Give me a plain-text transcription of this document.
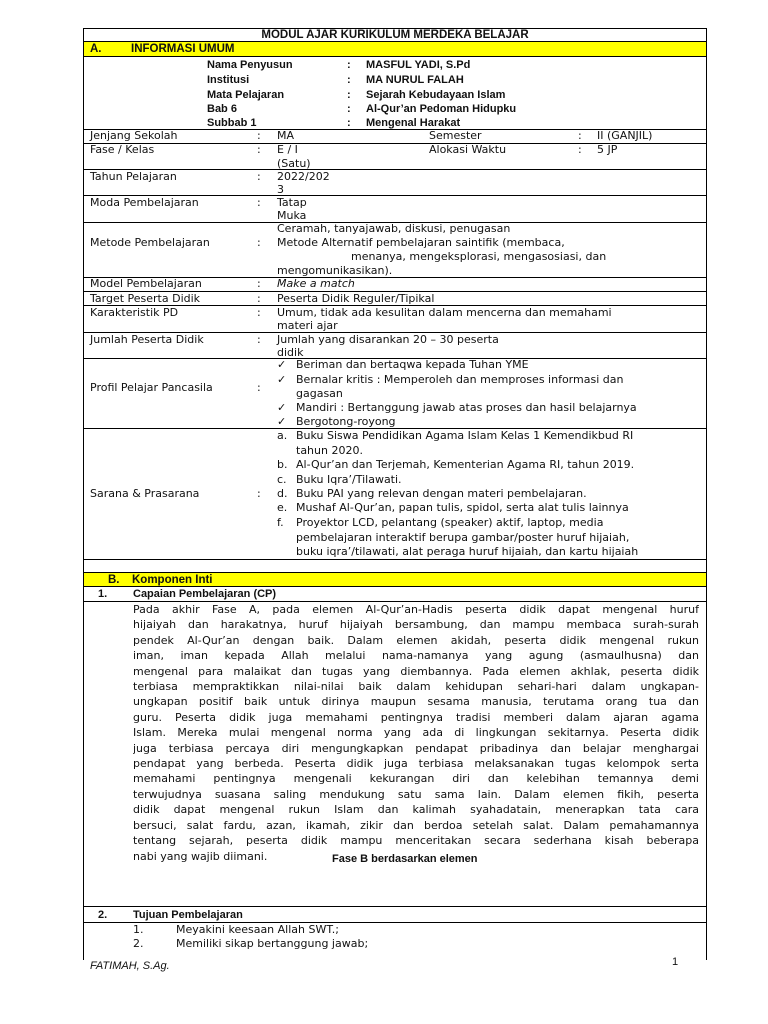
MODUL AJAR KURIKULUM MERDEKA BELAJAR
A.	INFORMASI UMUM
Nama Penyusun	: MASFUL YADI, S.Pd
Institusi	: MA NURUL FALAH
Mata Pelajaran	: Sejarah Kebudayaan Islam
Bab 6	: Al-Qur’an Pedoman Hidupku
Subbab 1	: Mengenal Harakat
Jenjang Sekolah	: MA	Semester	: II (GANJIL)
Fase / Kelas	: E / I
(Satu)
Alokasi Waktu	: 5 JP
Tahun Pelajaran	: 2022/202
3
Moda Pembelajaran	: Tatap
Muka
Metode Pembelajaran	:
Ceramah, tanyajawab, diskusi, penugasan
Metode Alternatif pembelajaran saintifik (membaca,
menanya, mengeksplorasi, mengasosiasi, dan
mengomunikasikan).
Model Pembelajaran	: Make a match
Target Peserta Didik	: Peserta Didik Reguler/Tipikal
Karakteristik PD	: Umum, tidak ada kesulitan dalam mencerna dan memahami
materi ajar
Jumlah Peserta Didik	: Jumlah yang disarankan 20 – 30 peserta
didik
Profil Pelajar Pancasila	:
✓ Beriman dan bertaqwa kepada Tuhan YME
✓ Bernalar kritis : Memperoleh dan memproses informasi dan
gagasan
✓ Mandiri : Bertanggung jawab atas proses dan hasil belajarnya
✓ Bergotong-royong
Sarana & Prasarana	:
a. Buku Siswa Pendidikan Agama Islam Kelas 1 Kemendikbud RI
tahun 2020.
b. Al-Qur’an dan Terjemah, Kementerian Agama RI, tahun 2019.
c. Buku Iqra’/Tilawati.
d. Buku PAI yang relevan dengan materi pembelajaran.
e. Mushaf Al-Qur’an, papan tulis, spidol, serta alat tulis lainnya
f. Proyektor LCD, pelantang (speaker) aktif, laptop, media
pembelajaran interaktif berupa gambar/poster huruf hijaiah,
buku iqra’/tilawati, alat peraga huruf hijaiah, dan kartu hijaiah
B. Komponen Inti
1. Capaian Pembelajaran (CP)
Pada akhir Fase A, pada elemen Al-Qur’an-Hadis peserta didik dapat mengenal huruf
hijaiyah dan harakatnya, huruf hijaiyah bersambung, dan mampu membaca surah-surah
pendek Al-Qur’an dengan baik. Dalam elemen akidah, peserta didik mengenal rukun
iman, iman kepada Allah melalui nama-namanya yang agung (asmaulhusna) dan
mengenal para malaikat dan tugas yang diembannya. Pada elemen akhlak, peserta didik
terbiasa mempraktikkan nilai-nilai baik dalam kehidupan sehari-hari dalam ungkapan-
ungkapan positif baik untuk dirinya maupun sesama manusia, terutama orang tua dan
guru. Peserta didik juga memahami pentingnya tradisi memberi dalam ajaran agama
Islam. Mereka mulai mengenal norma yang ada di lingkungan sekitarnya. Peserta didik
juga terbiasa percaya diri mengungkapkan pendapat pribadinya dan belajar menghargai
pendapat yang berbeda. Peserta didik juga terbiasa melaksanakan tugas kelompok serta
memahami pentingnya mengenali kekurangan diri dan kelebihan temannya demi
terwujudnya suasana saling mendukung satu sama lain. Dalam elemen fikih, peserta
didik dapat mengenal rukun Islam dan kalimah syahadatain, menerapkan tata cara
bersuci, salat fardu, azan, ikamah, zikir dan berdoa setelah salat. Dalam pemahamannya
tentang sejarah, peserta didik mampu menceritakan secara sederhana kisah beberapa
nabi yang wajib diimani.	Fase B berdasarkan elemen
2. Tujuan Pembelajaran
1.	Meyakini keesaan Allah SWT.;
2.	Memiliki sikap bertanggung jawab;
FATIMAH, S.Ag.	1
